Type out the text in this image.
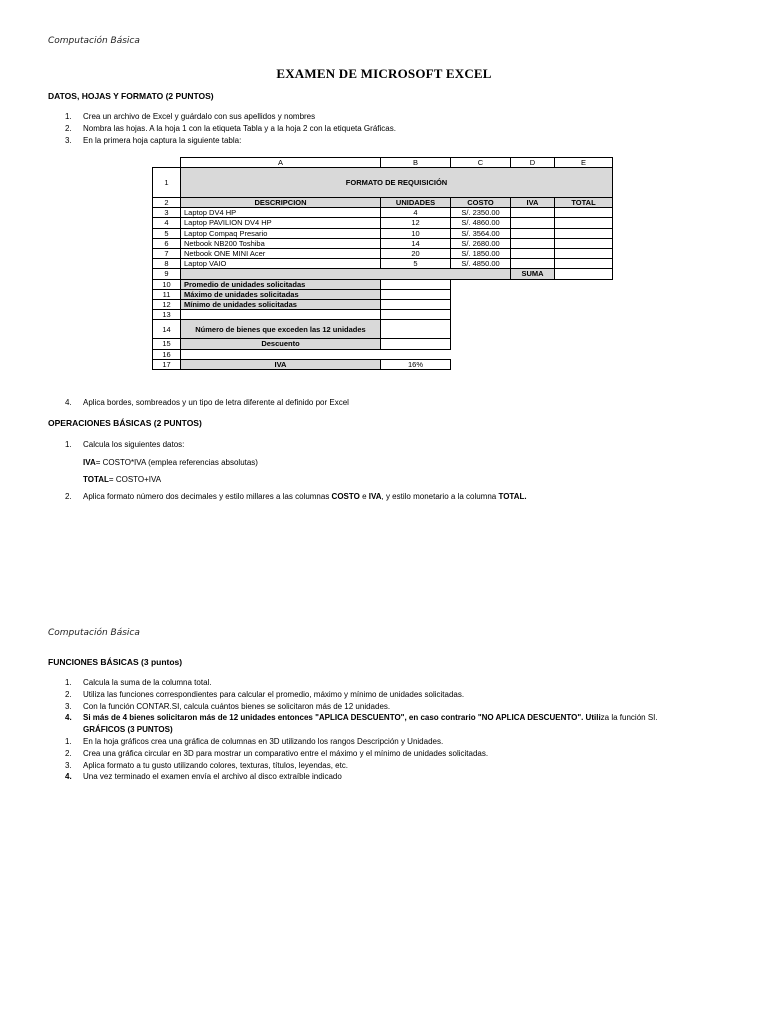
Computación Básica
EXAMEN DE MICROSOFT EXCEL
DATOS, HOJAS Y FORMATO (2 PUNTOS)
1. Crea un archivo de Excel y guárdalo con sus apellidos y nombres
2. Nombra las hojas. A la hoja 1 con la etiqueta Tabla y a la hoja 2 con la etiqueta Gráficas.
3. En la primera hoja captura la siguiente tabla:
	A	B	C	D	E
1	FORMATO DE REQUISICIÓN				
2	DESCRIPCION	UNIDADES	COSTO	IVA	TOTAL
3	Laptop DV4 HP	4	S/. 2350.00		
4	Laptop PAVILION DV4 HP	12	S/. 4860.00		
5	Laptop Compaq Presario	10	S/. 3564.00		
6	Netbook NB200 Toshiba	14	S/. 2680.00		
7	Netbook ONE MINI Acer	20	S/. 1850.00		
8	Laptop VAIO	5	S/. 4850.00		
9				SUMA	
10	Promedio de unidades solicitadas				
11	Máximo de unidades solicitadas				
12	Mínimo de unidades solicitadas				
13					
14	Número de bienes que exceden las 12 unidades				
15	Descuento				
16					
17	IVA	16%			
4. Aplica bordes, sombreados y un tipo de letra diferente al definido por Excel
OPERACIONES BÁSICAS (2 PUNTOS)
1. Calcula los siguientes datos:
IVA= COSTO*IVA (emplea referencias absolutas)
TOTAL= COSTO+IVA
2. Aplica formato número dos decimales y estilo millares a las columnas COSTO e IVA, y estilo monetario a la columna TOTAL.
Computación Básica
FUNCIONES BÁSICAS (3 puntos)
1. Calcula la suma de la columna total.
2. Utiliza las funciones correspondientes para calcular el promedio, máximo y mínimo de unidades solicitadas.
3. Con la función CONTAR.SI, calcula cuántos bienes se solicitaron más de 12 unidades.
4. Si más de 4 bienes solicitaron más de 12 unidades entonces "APLICA DESCUENTO", en caso contrario "NO APLICA DESCUENTO". Utiliza la función SI.
GRÁFICOS (3 PUNTOS)
1. En la hoja gráficos crea una gráfica de columnas en 3D utilizando los rangos Descripción y Unidades.
2. Crea una gráfica circular en 3D para mostrar un comparativo entre el máximo y el mínimo de unidades solicitadas.
3. Aplica formato a tu gusto utilizando colores, texturas, títulos, leyendas, etc.
4. Una vez terminado el examen envía el archivo al disco extraíble indicado
